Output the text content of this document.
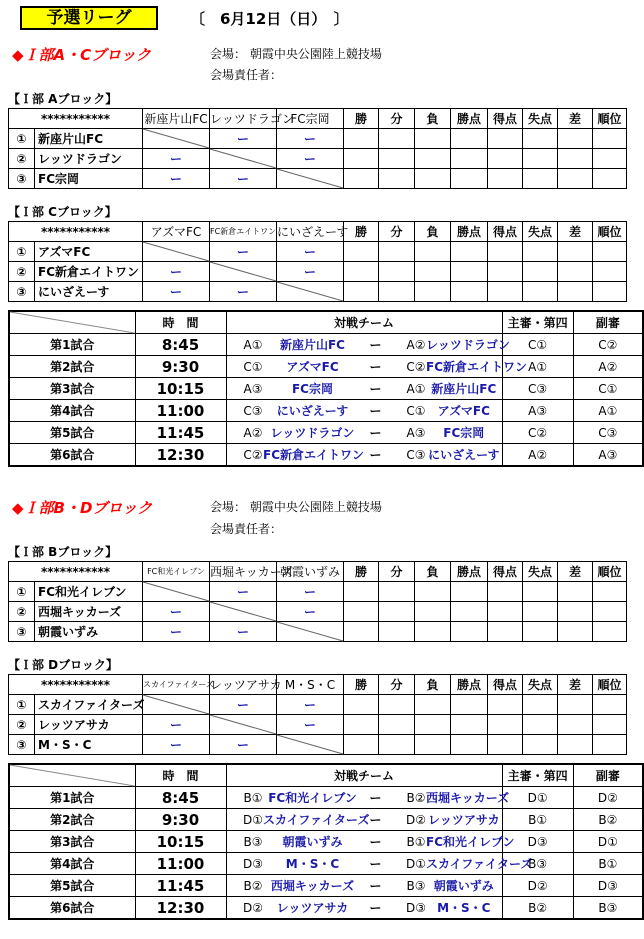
予選リーグ	〔　6月12日（日）　〕
◆Ｉ部A・Cブロック	会場： 朝霞中央公園陸上競技場
会場責任者：
【Ｉ部 Aブロック】
【Ｉ部 Cブロック】
◆Ｉ部B・Dブロック	会場： 朝霞中央公園陸上競技場
会場責任者：
【Ｉ部 Bブロック】
【Ｉ部 Dブロック】
***********		新座片山FC	レッツドラゴン	FC宗岡	勝	分	負	勝点	得点	失点	差	順位
①	新座片山FC		ー	ー								
②	レッツドラゴン	ー		ー								
③	FC宗岡	ー	ー	

***********		アズマFC	FC新倉エイトワン	にいざえーす	勝	分	負	勝点	得点	失点	差	順位
①	アズマFC		ー	ー								
②	FC新倉エイトワン	ー		ー								
③	にいざえーす	ー	ー	

	時　間	対戦チーム							主審・第四	副審
第1試合	8:45		A①	新座片山FC	ー		A②	レッツドラゴン	C①	C②
第2試合	9:30		C①	アズマFC	ー		C②	FC新倉エイトワン	A①	A②
第3試合	10:15		A③	FC宗岡	ー		A①	新座片山FC	C③	C①
第4試合	11:00		C③	にいざえーす	ー		C①	アズマFC	A③	A①
第5試合	11:45		A②	レッツドラゴン	ー		A③	FC宗岡	C②	C③
第6試合	12:30		C②	FC新倉エイトワン	ー		C③	にいざえーす	A②	A③
***********		FC和光イレブン	西堀キッカーズ	朝霞いずみ	勝	分	負	勝点	得点	失点	差	順位
①	FC和光イレブン		ー	ー								
②	西堀キッカーズ	ー		ー								
③	朝霞いずみ	ー	ー	

***********		スカイファイターズ	レッツアサカ	M・S・C	勝	分	負	勝点	得点	失点	差	順位
①	スカイファイターズ		ー	ー								
②	レッツアサカ	ー		ー								
③	M・S・C	ー	ー	

	時　間	対戦チーム							主審・第四	副審
第1試合	8:45		B①	FC和光イレブン	ー		B②	西堀キッカーズ	D①	D②
第2試合	9:30		D①	スカイファイターズ	ー		D②	レッツアサカ	B①	B②
第3試合	10:15		B③	朝霞いずみ	ー		B①	FC和光イレブン	D③	D①
第4試合	11:00		D③	M・S・C	ー		D①	スカイファイターズ	B③	B①
第5試合	11:45		B②	西堀キッカーズ	ー		B③	朝霞いずみ	D②	D③
第6試合	12:30		D②	レッツアサカ	ー		D③	M・S・C	B②	B③
